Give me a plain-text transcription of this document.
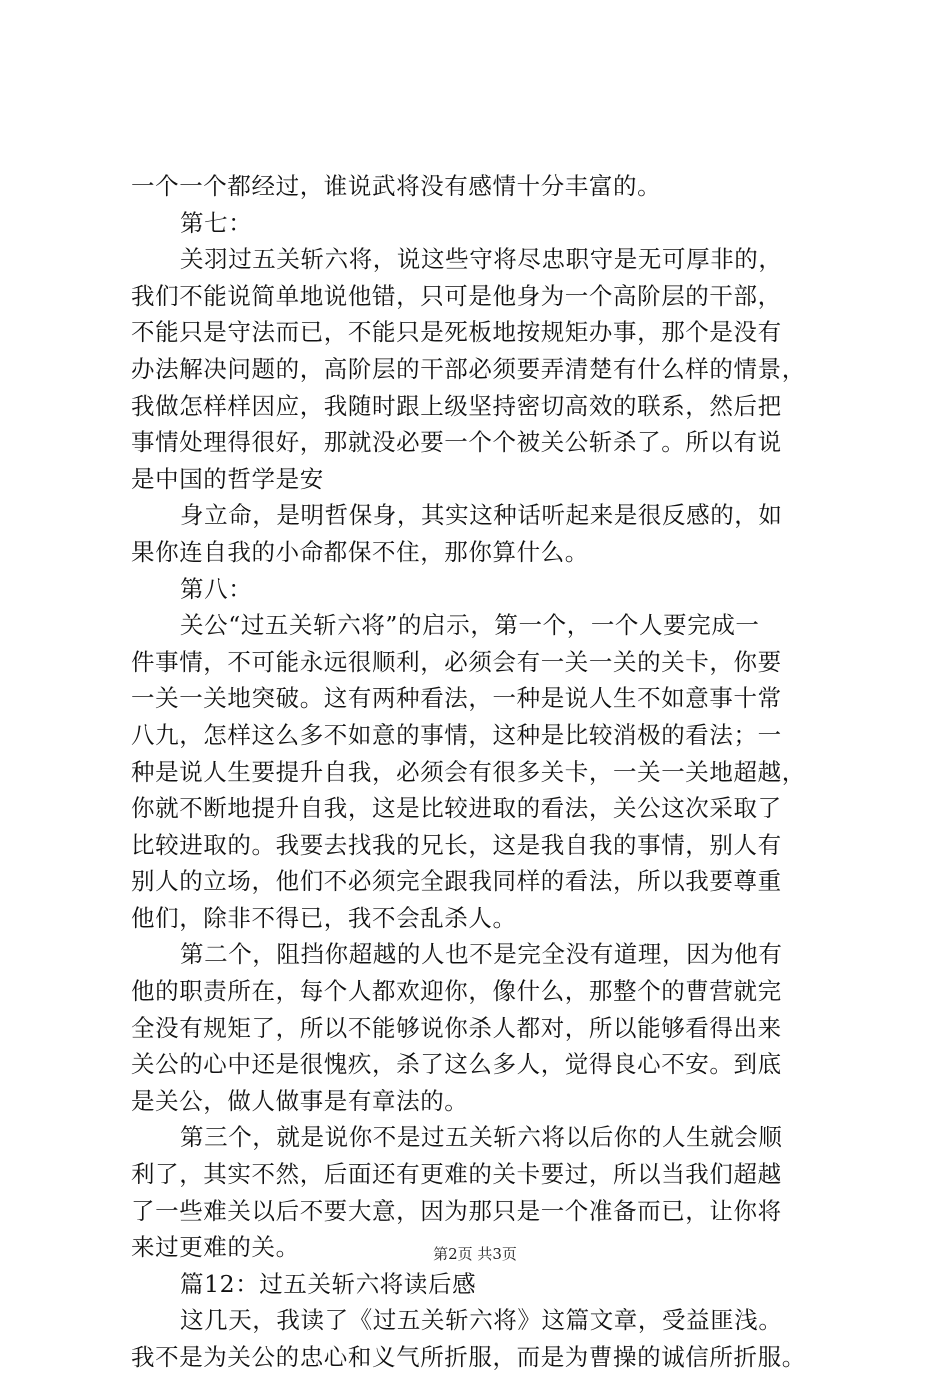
一个一个都经过，谁说武将没有感情十分丰富的。
第七：
关羽过五关斩六将，说这些守将尽忠职守是无可厚非的，
我们不能说简单地说他错，只可是他身为一个高阶层的干部，
不能只是守法而已，不能只是死板地按规矩办事，那个是没有
办法解决问题的，高阶层的干部必须要弄清楚有什么样的情景，
我做怎样样因应，我随时跟上级坚持密切高效的联系，然后把
事情处理得很好，那就没必要一个个被关公斩杀了。所以有说
是中国的哲学是安
身立命，是明哲保身，其实这种话听起来是很反感的，如
果你连自我的小命都保不住，那你算什么。
第八：
关公“过五关斩六将”的启示，第一个，一个人要完成一
件事情，不可能永远很顺利，必须会有一关一关的关卡，你要
一关一关地突破。这有两种看法，一种是说人生不如意事十常
八九，怎样这么多不如意的事情，这种是比较消极的看法；一
种是说人生要提升自我，必须会有很多关卡，一关一关地超越，
你就不断地提升自我，这是比较进取的看法，关公这次采取了
比较进取的。我要去找我的兄长，这是我自我的事情，别人有
别人的立场，他们不必须完全跟我同样的看法，所以我要尊重
他们，除非不得已，我不会乱杀人。
第二个，阻挡你超越的人也不是完全没有道理，因为他有
他的职责所在，每个人都欢迎你，像什么，那整个的曹营就完
全没有规矩了，所以不能够说你杀人都对，所以能够看得出来
关公的心中还是很愧疚，杀了这么多人，觉得良心不安。到底
是关公，做人做事是有章法的。
第三个，就是说你不是过五关斩六将以后你的人生就会顺
利了，其实不然，后面还有更难的关卡要过，所以当我们超越
了一些难关以后不要大意，因为那只是一个准备而已，让你将
来过更难的关。
篇12：过五关斩六将读后感
这几天，我读了《过五关斩六将》这篇文章，受益匪浅。
我不是为关公的忠心和义气所折服，而是为曹操的诚信所折服。
第2页 共3页
